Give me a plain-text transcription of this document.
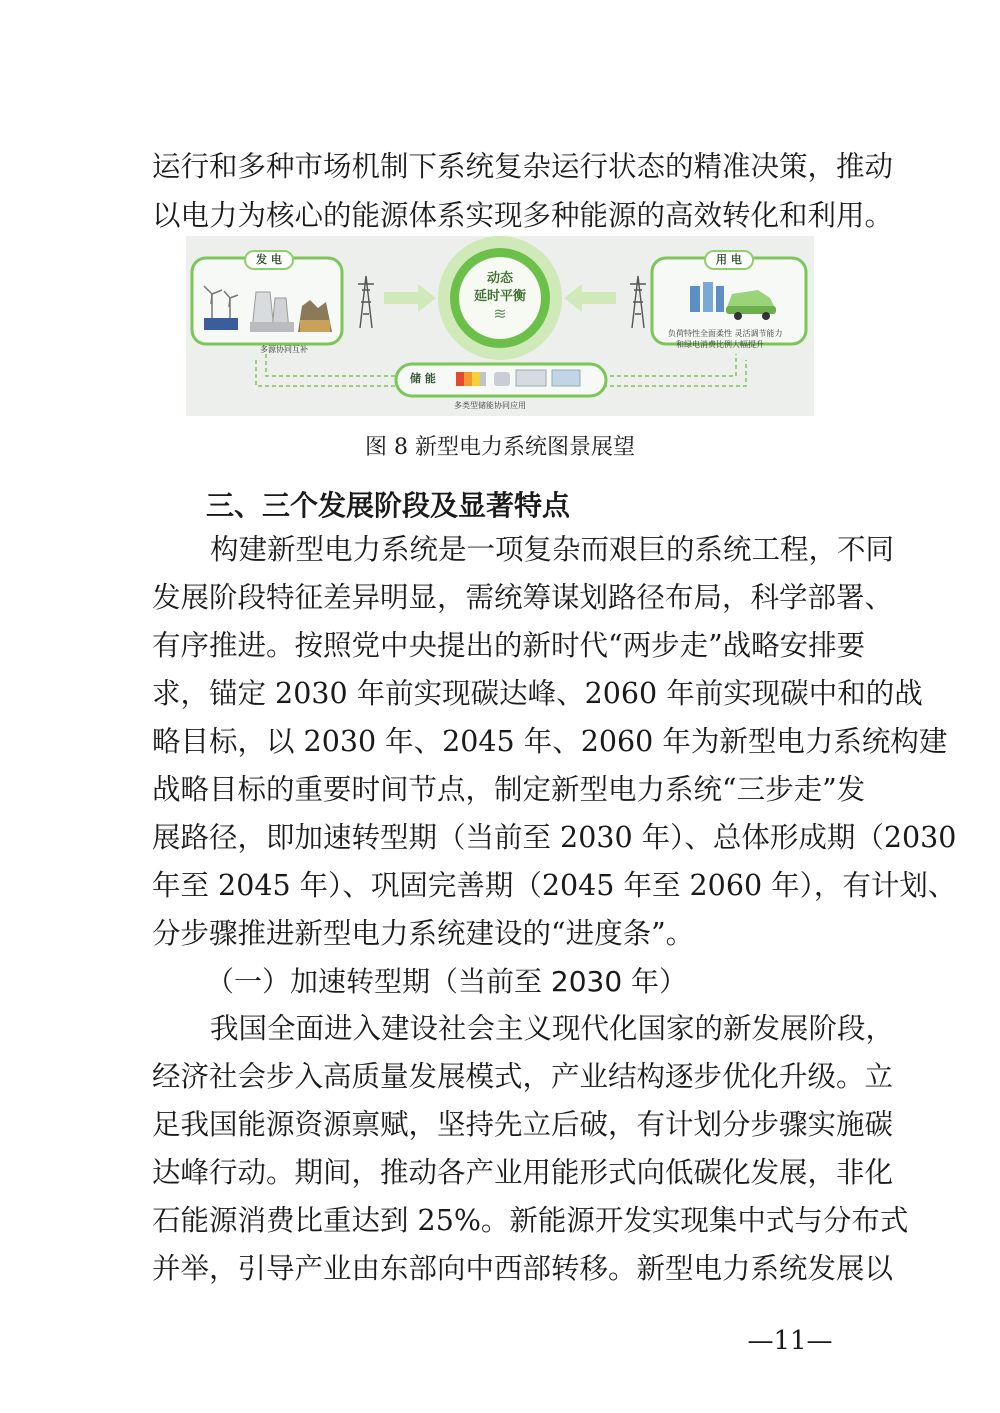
运行和多种市场机制下系统复杂运行状态的精准决策，推动
以电力为核心的能源体系实现多种能源的高效转化和利用。
发 电
多源协同互补
动态
延时平衡
≋
用 电
负荷特性全面柔性 灵活调节能力
和绿电消费比例大幅提升
储 能
多类型储能协同应用
图 8 新型电力系统图景展望
三、三个发展阶段及显著特点
构建新型电力系统是一项复杂而艰巨的系统工程，不同
发展阶段特征差异明显，需统筹谋划路径布局，科学部署、
有序推进。按照党中央提出的新时代“两步走”战略安排要
求，锚定 2030 年前实现碳达峰、2060 年前实现碳中和的战
略目标，以 2030 年、2045 年、2060 年为新型电力系统构建
战略目标的重要时间节点，制定新型电力系统“三步走”发
展路径，即加速转型期（当前至 2030 年）、总体形成期（2030
年至 2045 年）、巩固完善期（2045 年至 2060 年），有计划、
分步骤推进新型电力系统建设的“进度条”。
（一）加速转型期（当前至 2030 年）
我国全面进入建设社会主义现代化国家的新发展阶段，
经济社会步入高质量发展模式，产业结构逐步优化升级。立
足我国能源资源禀赋，坚持先立后破，有计划分步骤实施碳
达峰行动。期间，推动各产业用能形式向低碳化发展，非化
石能源消费比重达到 25%。新能源开发实现集中式与分布式
并举，引导产业由东部向中西部转移。新型电力系统发展以
—11—
